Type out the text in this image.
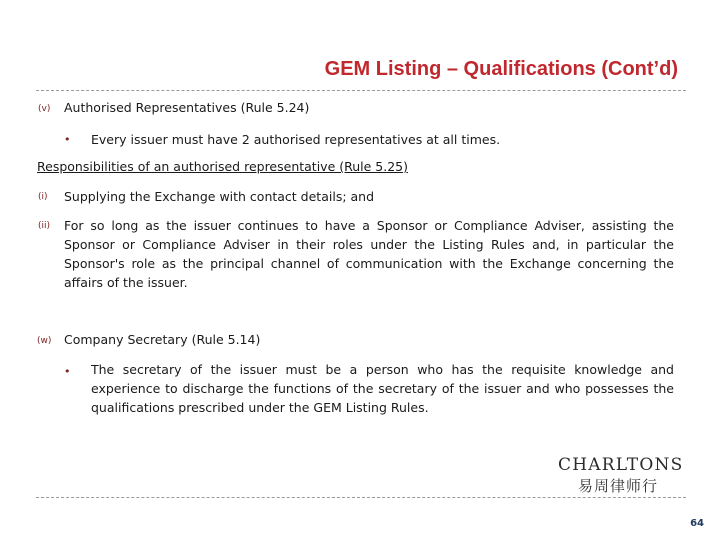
GEM Listing – Qualifications (Cont’d)
(v) Authorised Representatives (Rule 5.24)
• Every issuer must have 2 authorised representatives at all times.
Responsibilities of an authorised representative (Rule 5.25)
(i) Supplying the Exchange with contact details; and
(ii) For so long as the issuer continues to have a Sponsor or Compliance Adviser, assisting the Sponsor or Compliance Adviser in their roles under the Listing Rules and, in particular the Sponsor's role as the principal channel of communication with the Exchange concerning the affairs of the issuer.
(w) Company Secretary (Rule 5.14)
• The secretary of the issuer must be a person who has the requisite knowledge and experience to discharge the functions of the secretary of the issuer and who possesses the qualifications prescribed under the GEM Listing Rules.
CHARLTONS
易周律师行
64
